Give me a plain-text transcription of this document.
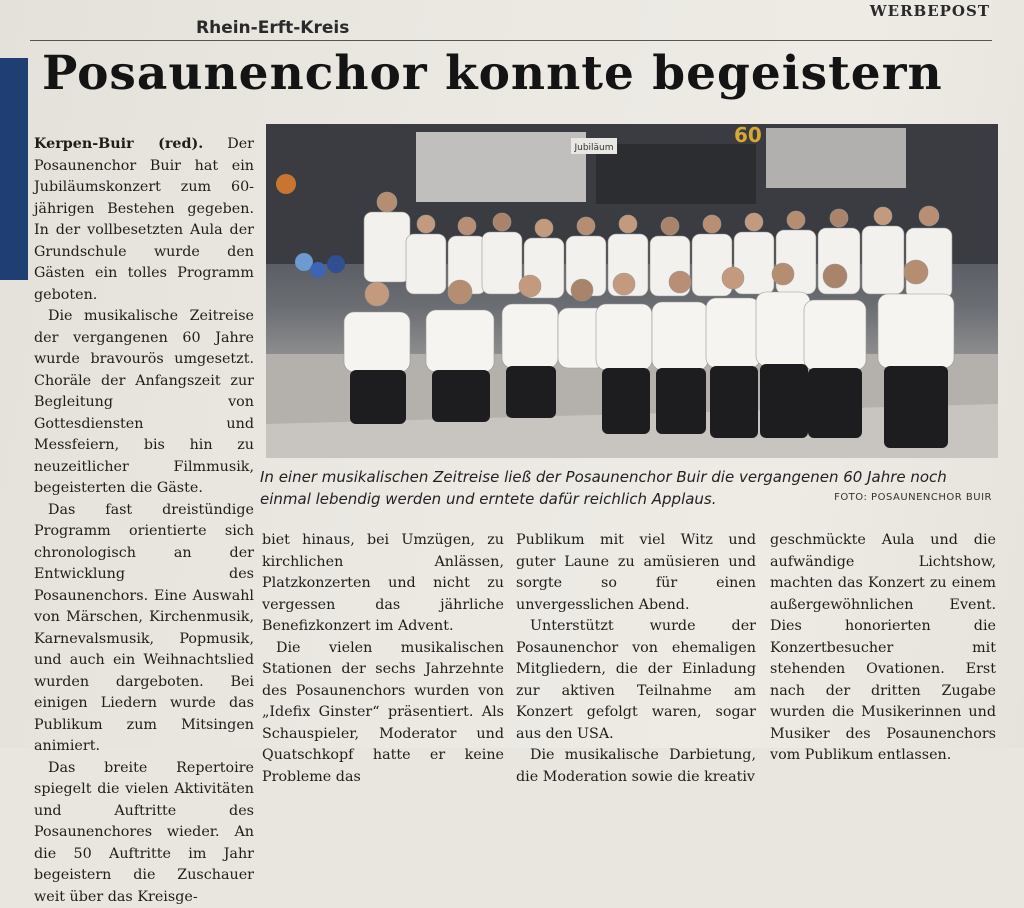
Rhein-Erft-Kreis
WERBEPOST
Posaunenchor konnte begeistern
Jubiläum
60
In einer musikalischen Zeitreise ließ der Posaunenchor Buir die vergangenen 60 Jahre noch einmal lebendig werden und erntete dafür reichlich Applaus.	FOTO: POSAUNENCHOR BUIR

Kerpen-Buir (red). Der Posaunenchor Buir hat ein Jubiläumskonzert zum 60-jährigen Bestehen gegeben. In der vollbesetzten Aula der Grundschule wurde den Gästen ein tolles Programm geboten.

Die musikalische Zeitreise der vergangenen 60 Jahre wurde bravourös umgesetzt. Choräle der Anfangszeit zur Begleitung von Gottesdiensten und Messfeiern, bis hin zu neuzeitlicher Filmmusik, begeisterten die Gäste.

Das fast dreistündige Programm orientierte sich chronologisch an der Entwicklung des Posaunenchors. Eine Auswahl von Märschen, Kirchenmusik, Karnevalsmusik, Popmusik, und auch ein Weihnachtslied wurden dargeboten. Bei einigen Liedern wurde das Publikum zum Mitsingen animiert.

Das breite Repertoire spiegelt die vielen Aktivitäten und Auftritte des Posaunenchores wieder. An die 50 Auftritte im Jahr begeistern die Zuschauer weit über das Kreisge-

biet hinaus, bei Umzügen, zu kirchlichen Anlässen, Platzkonzerten und nicht zu vergessen das jährliche Benefizkonzert im Advent.

Die vielen musikalischen Stationen der sechs Jahrzehnte des Posaunenchors wurden von „Idefix Ginster“ präsentiert. Als Schauspieler, Moderator und Quatschkopf hatte er keine Probleme das

Publikum mit viel Witz und guter Laune zu amüsieren und sorgte so für einen unvergesslichen Abend.

Unterstützt wurde der Posaunenchor von ehemaligen Mitgliedern, die der Einladung zur aktiven Teilnahme am Konzert gefolgt waren, sogar aus den USA.

Die musikalische Darbietung, die Moderation sowie die kreativ

geschmückte Aula und die aufwändige Lichtshow, machten das Konzert zu einem außergewöhnlichen Event. Dies honorierten die Konzertbesucher mit stehenden Ovationen. Erst nach der dritten Zugabe wurden die Musikerinnen und Musiker des Posaunenchors vom Publikum entlassen.
